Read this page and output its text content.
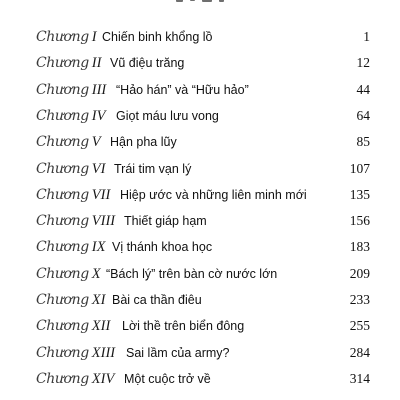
Chương I Chiến binh khổng lồ	1
Chương II Vũ điệu trăng	12
Chương III “Hảo hán” và “Hữu hảo”	44
Chương IV Giọt máu lưu vong	64
Chương V Hận pha lũy	85
Chương VI Trái tim vạn lý	107
Chương VII Hiệp ước và những liên minh mới	135
Chương VIII Thiết giáp hạm	156
Chương IX Vị thánh khoa học	183
Chương X “Bách lý” trên bàn cờ nước lớn	209
Chương XI Bài ca thần điêu	233
Chương XII Lời thề trên biển đông	255
Chương XIII Sai lầm của army?	284
Chương XIV Một cuộc trở về	314
